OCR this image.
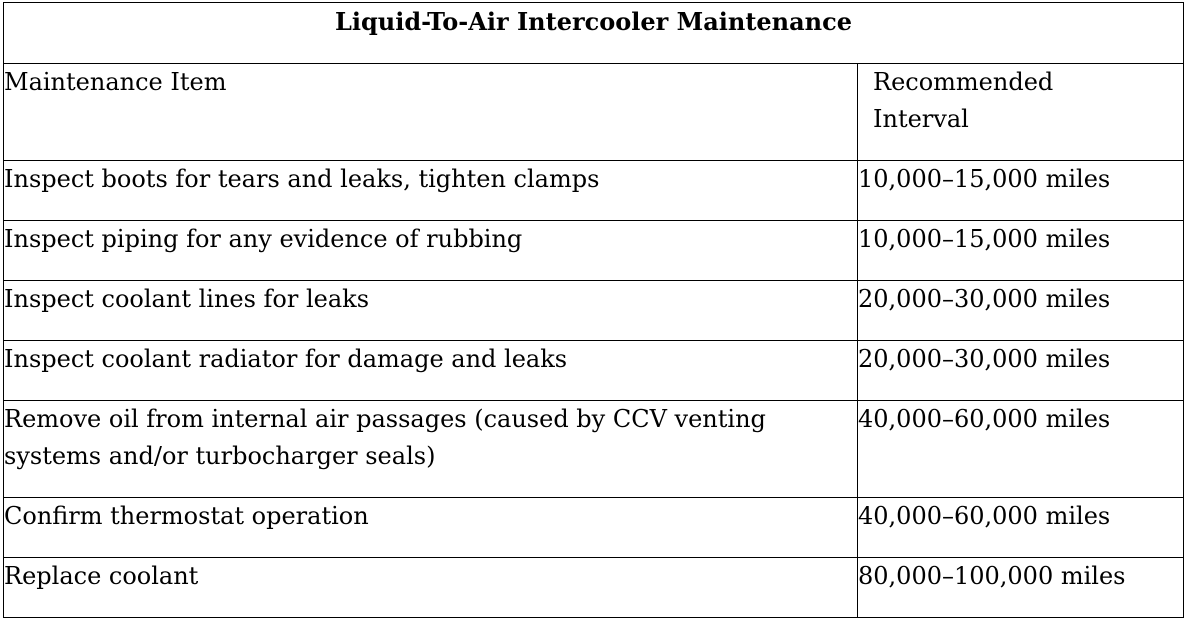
Liquid-To-Air Intercooler Maintenance	

Maintenance Item	Recommended Interval

Inspect boots for tears and leaks, tighten clamps	10,000–15,000 miles

Inspect piping for any evidence of rubbing	10,000–15,000 miles

Inspect coolant lines for leaks	20,000–30,000 miles

Inspect coolant radiator for damage and leaks	20,000–30,000 miles

Remove oil from internal air passages (caused by CCV venting systems and/or turbocharger seals)	40,000–60,000 miles

Confirm thermostat operation	40,000–60,000 miles

Replace coolant	80,000–100,000 miles
